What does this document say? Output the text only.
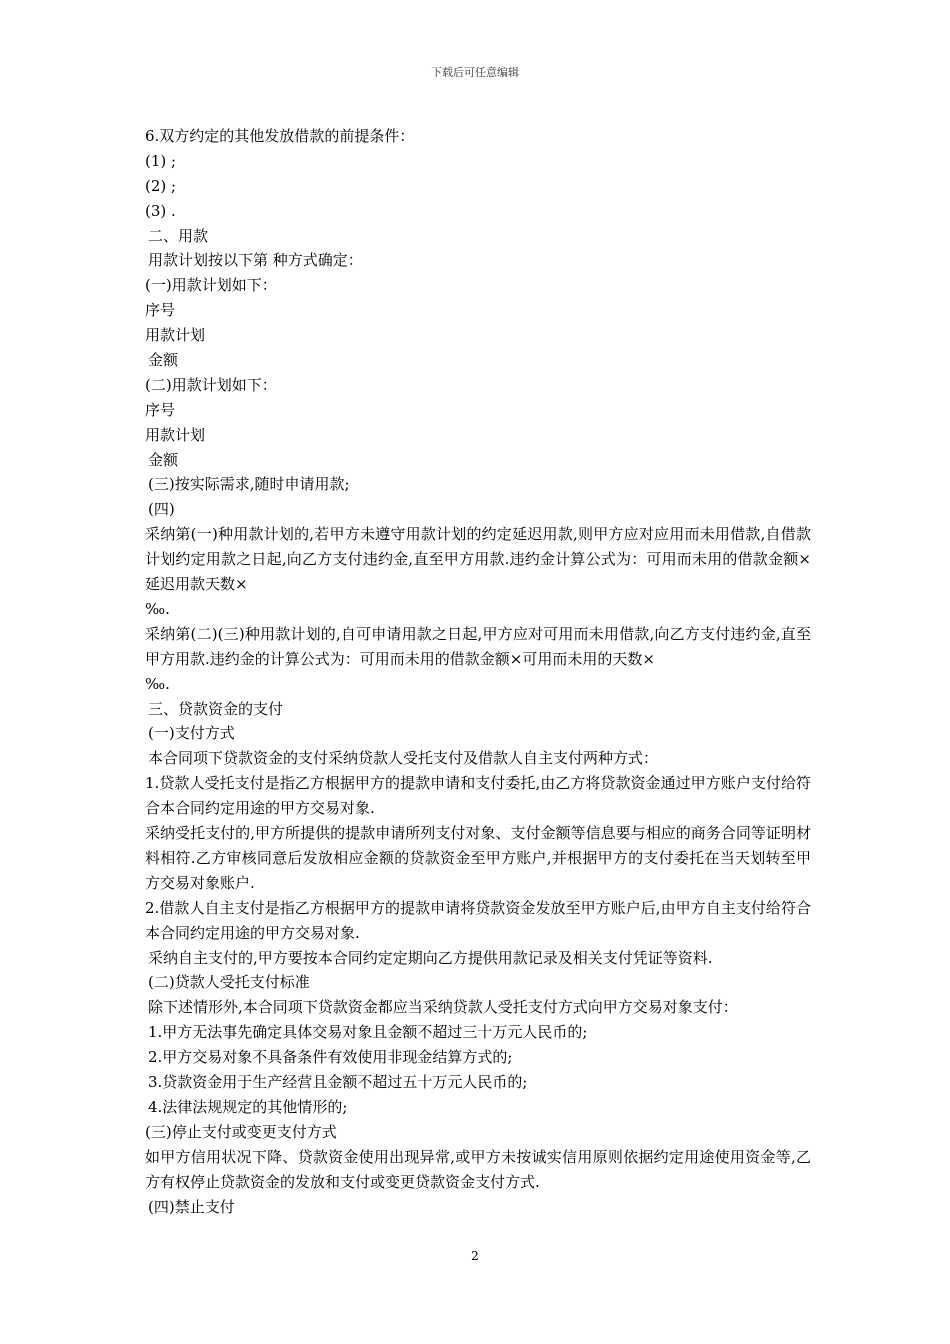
下载后可任意编辑
6.双方约定的其他发放借款的前提条件：
(1) ;
(2) ;
(3) .
二、用款
用款计划按以下第 种方式确定：
(一)用款计划如下：
序号
用款计划
金额
(二)用款计划如下：
序号
用款计划
金额
(三)按实际需求,随时申请用款;
(四)
采纳第(一)种用款计划的,若甲方未遵守用款计划的约定延迟用款,则甲方应对应用而未用借款,自借款计划约定用款之日起,向乙方支付违约金,直至甲方用款.违约金计算公式为：可用而未用的借款金额×延迟用款天数×
‰.
采纳第(二)(三)种用款计划的,自可申请用款之日起,甲方应对可用而未用借款,向乙方支付违约金,直至甲方用款.违约金的计算公式为：可用而未用的借款金额×可用而未用的天数×
‰.
三、贷款资金的支付
(一)支付方式
本合同项下贷款资金的支付采纳贷款人受托支付及借款人自主支付两种方式：
1.贷款人受托支付是指乙方根据甲方的提款申请和支付委托,由乙方将贷款资金通过甲方账户支付给符合本合同约定用途的甲方交易对象.
采纳受托支付的,甲方所提供的提款申请所列支付对象、支付金额等信息要与相应的商务合同等证明材料相符.乙方审核同意后发放相应金额的贷款资金至甲方账户,并根据甲方的支付委托在当天划转至甲方交易对象账户.
2.借款人自主支付是指乙方根据甲方的提款申请将贷款资金发放至甲方账户后,由甲方自主支付给符合本合同约定用途的甲方交易对象.
采纳自主支付的,甲方要按本合同约定定期向乙方提供用款记录及相关支付凭证等资料.
(二)贷款人受托支付标准
除下述情形外,本合同项下贷款资金都应当采纳贷款人受托支付方式向甲方交易对象支付：
1.甲方无法事先确定具体交易对象且金额不超过三十万元人民币的;
2.甲方交易对象不具备条件有效使用非现金结算方式的;
3.贷款资金用于生产经营且金额不超过五十万元人民币的;
4.法律法规规定的其他情形的;
(三)停止支付或变更支付方式
如甲方信用状况下降、贷款资金使用出现异常,或甲方未按诚实信用原则依据约定用途使用资金等,乙方有权停止贷款资金的发放和支付或变更贷款资金支付方式.
(四)禁止支付
2
